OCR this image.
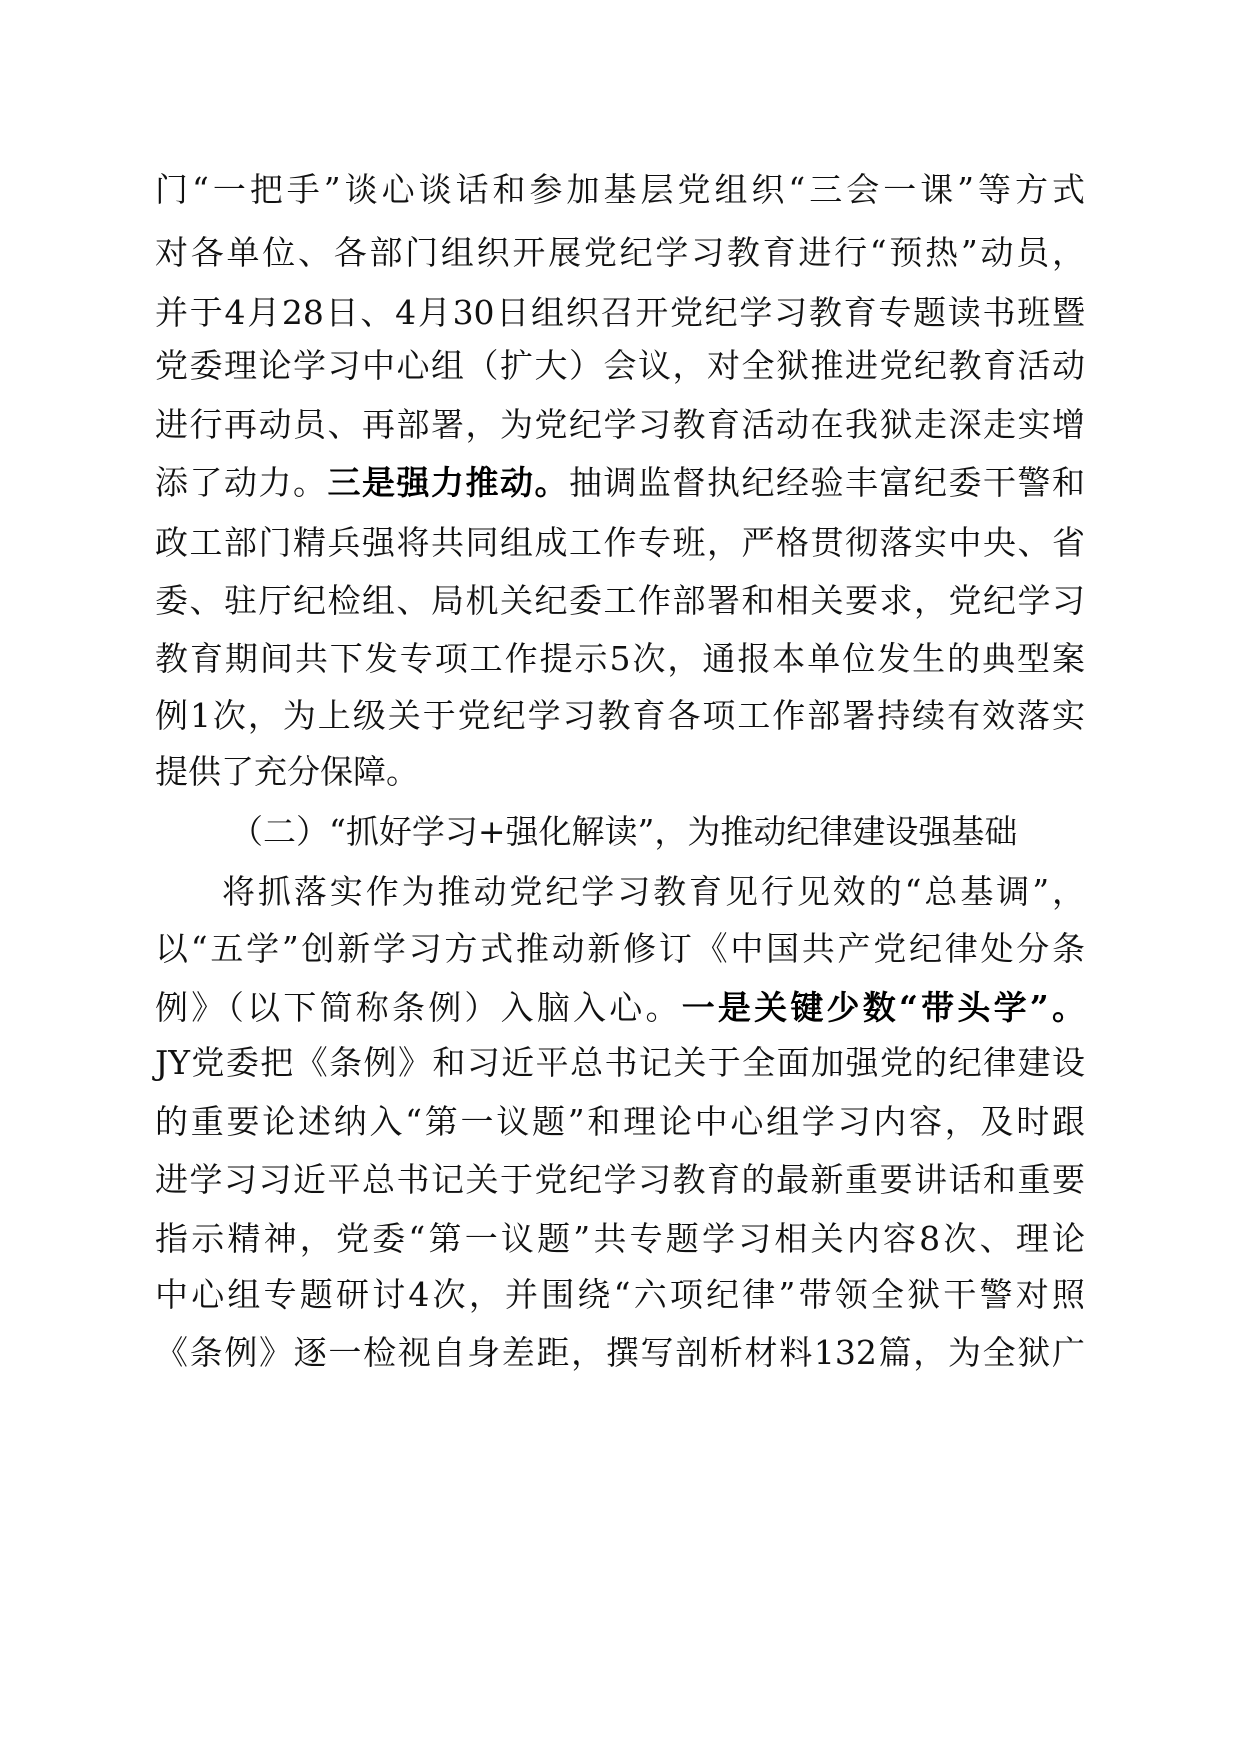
门“一把手”谈心谈话和参加基层党组织“三会一课”等方式
对各单位、各部门组织开展党纪学习教育进行“预热”动员，
并于4月28日、4月30日组织召开党纪学习教育专题读书班暨
党委理论学习中心组（扩大）会议，对全狱推进党纪教育活动
进行再动员、再部署，为党纪学习教育活动在我狱走深走实增
添了动力。三是强力推动。抽调监督执纪经验丰富纪委干警和
政工部门精兵强将共同组成工作专班，严格贯彻落实中央、省
委、驻厅纪检组、局机关纪委工作部署和相关要求，党纪学习
教育期间共下发专项工作提示5次，通报本单位发生的典型案
例1次，为上级关于党纪学习教育各项工作部署持续有效落实
提供了充分保障。
（二）“抓好学习+强化解读”，为推动纪律建设强基础
将抓落实作为推动党纪学习教育见行见效的“总基调”，
以“五学”创新学习方式推动新修订《中国共产党纪律处分条
例》（以下简称条例）入脑入心。一是关键少数“带头学”。
JY党委把《条例》和习近平总书记关于全面加强党的纪律建设
的重要论述纳入“第一议题”和理论中心组学习内容，及时跟
进学习习近平总书记关于党纪学习教育的最新重要讲话和重要
指示精神，党委“第一议题”共专题学习相关内容8次、理论
中心组专题研讨4次，并围绕“六项纪律”带领全狱干警对照
《条例》逐一检视自身差距，撰写剖析材料132篇，为全狱广
